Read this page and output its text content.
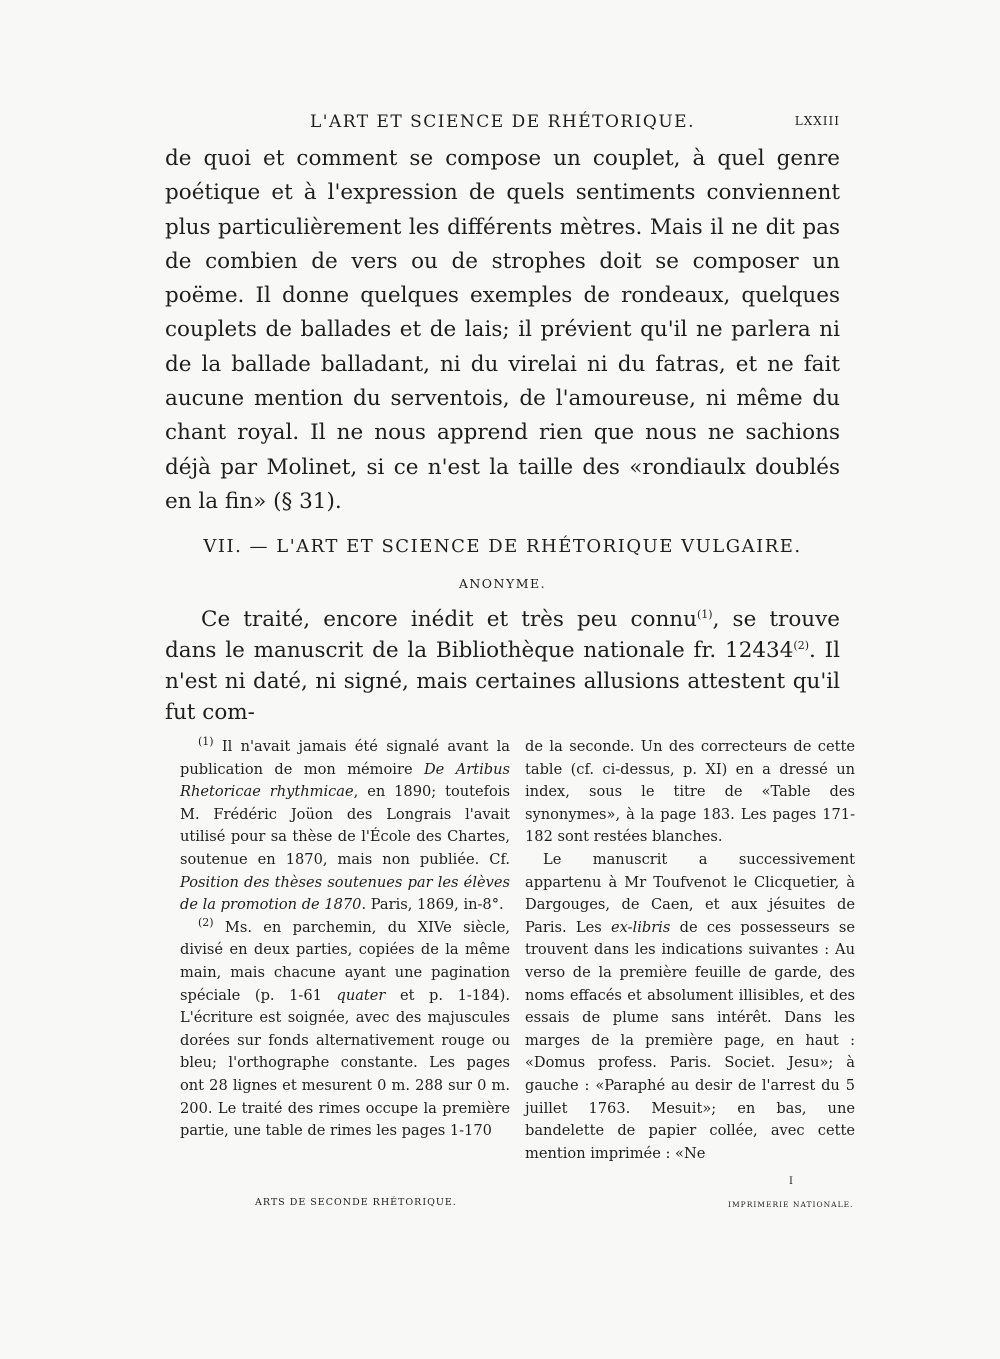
L'ART ET SCIENCE DE RHÉTORIQUE.	LXXIII

de quoi et comment se compose un couplet, à quel genre poétique et à l'expression de quels sentiments conviennent plus particulièrement les différents mètres. Mais il ne dit pas de combien de vers ou de strophes doit se composer un poëme. Il donne quelques exemples de rondeaux, quelques couplets de ballades et de lais; il prévient qu'il ne parlera ni de la ballade balladant, ni du virelai ni du fatras, et ne fait aucune mention du serventois, de l'amoureuse, ni même du chant royal. Il ne nous apprend rien que nous ne sachions déjà par Molinet, si ce n'est la taille des «rondiaulx doublés en la fin» (§ 31).

VII. — L'ART ET SCIENCE DE RHÉTORIQUE VULGAIRE.
ANONYME.

Ce traité, encore inédit et très peu connu$^{(1)}$, se trouve dans le manuscrit de la Bibliothèque nationale fr. 12434$^{(2)}$. Il n'est ni daté, ni signé, mais certaines allusions attestent qu'il fut com-

$^{(1)}$ Il n'avait jamais été signalé avant la publication de mon mémoire De Artibus Rhetoricae rhythmicae, en 1890; toutefois M. Frédéric Joüon des Longrais l'avait utilisé pour sa thèse de l'École des Chartes, soutenue en 1870, mais non publiée. Cf. Position des thèses soutenues par les élèves de la promotion de 1870. Paris, 1869, in-8°.

$^{(2)}$ Ms. en parchemin, du XIVe siècle, divisé en deux parties, copiées de la même main, mais chacune ayant une pagination spéciale (p. 1-61 quater et p. 1-184). L'écriture est soignée, avec des majuscules dorées sur fonds alternativement rouge ou bleu; l'orthographe constante. Les pages ont 28 lignes et mesurent 0 m. 288 sur 0 m. 200. Le traité des rimes occupe la première partie, une table de rimes les pages 1-170

de la seconde. Un des correcteurs de cette table (cf. ci-dessus, p. XI) en a dressé un index, sous le titre de «Table des synonymes», à la page 183. Les pages 171-182 sont restées blanches.

Le manuscrit a successivement appartenu à Mr Toufvenot le Clicquetier, à Dargouges, de Caen, et aux jésuites de Paris. Les ex-libris de ces possesseurs se trouvent dans les indications suivantes : Au verso de la première feuille de garde, des noms effacés et absolument illisibles, et des essais de plume sans intérêt. Dans les marges de la première page, en haut : «Domus profess. Paris. Societ. Jesu»; à gauche : «Paraphé au desir de l'arrest du 5 juillet 1763. Mesuit»; en bas, une bandelette de papier collée, avec cette mention imprimée : «Ne

ARTS DE SECONDE RHÉTORIQUE.
I
IMPRIMERIE NATIONALE.
